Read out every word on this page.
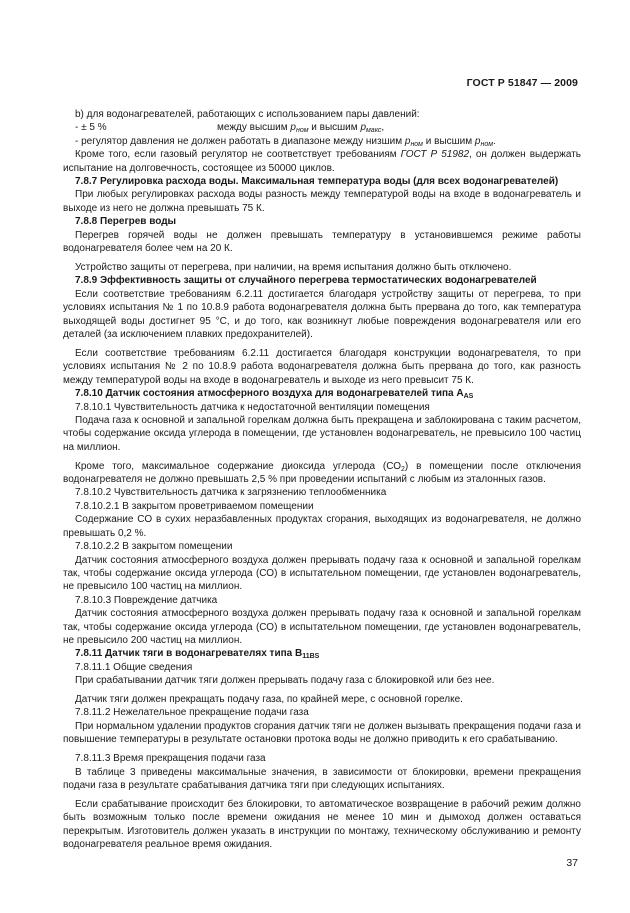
ГОСТ Р 51847 — 2009

b) для водонагревателей, работающих с использованием пары давлений:

- ± 5 %	между высшим $p_{ном}$ и высшим $p_{макс}$,

- регулятор давления не должен работать в диапазоне между низшим $p_{ном}$ и высшим $p_{ном}$.

Кроме того, если газовый регулятор не соответствует требованиям ГОСТ Р 51982, он должен выдержать испытание на долговечность, состоящее из 50000 циклов.

7.8.7 Регулировка расхода воды. Максимальная температура воды (для всех водонагревателей)

При любых регулировках расхода воды разность между температурой воды на входе в водонагреватель и выходе из него не должна превышать 75 К.

7.8.8 Перегрев воды

Перегрев горячей воды не должен превышать температуру в установившемся режиме работы водонагревателя более чем на 20 К.

Устройство защиты от перегрева, при наличии, на время испытания должно быть отключено.

7.8.9 Эффективность защиты от случайного перегрева термостатических водонагревателей

Если соответствие требованиям 6.2.11 достигается благодаря устройству защиты от перегрева, то при условиях испытания № 1 по 10.8.9 работа водонагревателя должна быть прервана до того, как температура выходящей воды достигнет 95 °С, и до того, как возникнут любые повреждения водонагревателя или его деталей (за исключением плавких предохранителей).

Если соответствие требованиям 6.2.11 достигается благодаря конструкции водонагревателя, то при условиях испытания № 2 по 10.8.9 работа водонагревателя должна быть прервана до того, как разность между температурой воды на входе в водонагреватель и выходе из него превысит 75 К.

7.8.10 Датчик состояния атмосферного воздуха для водонагревателей типа $A_{AS}$

7.8.10.1 Чувствительность датчика к недостаточной вентиляции помещения

Подача газа к основной и запальной горелкам должна быть прекращена и заблокирована с таким расчетом, чтобы содержание оксида углерода в помещении, где установлен водонагреватель, не превысило 100 частиц на миллион.

Кроме того, максимальное содержание диоксида углерода $(СО_2)$ в помещении после отключения водонагревателя не должно превышать 2,5 % при проведении испытаний с любым из эталонных газов.

7.8.10.2 Чувствительность датчика к загрязнению теплообменника

7.8.10.2.1 В закрытом проветриваемом помещении

Содержание СО в сухих неразбавленных продуктах сгорания, выходящих из водонагревателя, не должно превышать 0,2 %.

7.8.10.2.2 В закрытом помещении

Датчик состояния атмосферного воздуха должен прерывать подачу газа к основной и запальной горелкам так, чтобы содержание оксида углерода (СО) в испытательном помещении, где установлен водонагреватель, не превысило 100 частиц на миллион.

7.8.10.3 Повреждение датчика

Датчик состояния атмосферного воздуха должен прерывать подачу газа к основной и запальной горелкам так, чтобы содержание оксида углерода (СО) в испытательном помещении, где установлен водонагреватель, не превысило 200 частиц на миллион.

7.8.11 Датчик тяги в водонагревателях типа $B_{11BS}$

7.8.11.1 Общие сведения

При срабатывании датчик тяги должен прерывать подачу газа с блокировкой или без нее.

Датчик тяги должен прекращать подачу газа, по крайней мере, с основной горелке.

7.8.11.2 Нежелательное прекращение подачи газа

При нормальном удалении продуктов сгорания датчик тяги не должен вызывать прекращения подачи газа и повышение температуры в результате остановки протока воды не должно приводить к его срабатыванию.

7.8.11.3 Время прекращения подачи газа

В таблице 3 приведены максимальные значения, в зависимости от блокировки, времени прекращения подачи газа в результате срабатывания датчика тяги при следующих испытаниях.

Если срабатывание происходит без блокировки, то автоматическое возвращение в рабочий режим должно быть возможным только после времени ожидания не менее 10 мин и дымоход должен оставаться перекрытым. Изготовитель должен указать в инструкции по монтажу, техническому обслуживанию и ремонту водонагревателя реальное время ожидания.

37
